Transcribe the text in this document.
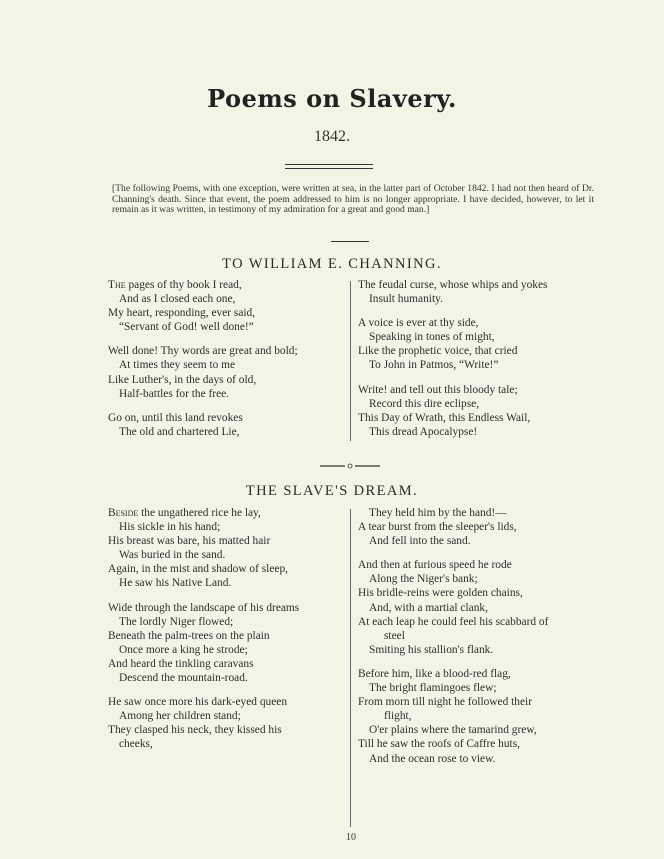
Poems on Slavery.
1842.
[The following Poems, with one exception, were written at sea, in the latter part of October 1842. I had not then heard of Dr. Channing's death. Since that event, the poem addressed to him is no longer appropriate. I have decided, however, to let it remain as it was written, in testimony of my admiration for a great and good man.]
TO WILLIAM E. CHANNING.
The pages of thy book I read,
And as I closed each one,
My heart, responding, ever said,
“Servant of God! well done!”
Well done! Thy words are great and bold;
At times they seem to me
Like Luther's, in the days of old,
Half-battles for the free.
Go on, until this land revokes
The old and chartered Lie,
The feudal curse, whose whips and yokes
Insult humanity.
A voice is ever at thy side,
Speaking in tones of might,
Like the prophetic voice, that cried
To John in Patmos, “Write!”
Write! and tell out this bloody tale;
Record this dire eclipse,
This Day of Wrath, this Endless Wail,
This dread Apocalypse!
THE SLAVE'S DREAM.
Beside the ungathered rice he lay,
His sickle in his hand;
His breast was bare, his matted hair
Was buried in the sand.
Again, in the mist and shadow of sleep,
He saw his Native Land.
Wide through the landscape of his dreams
The lordly Niger flowed;
Beneath the palm-trees on the plain
Once more a king he strode;
And heard the tinkling caravans
Descend the mountain-road.
He saw once more his dark-eyed queen
Among her children stand;
They clasped his neck, they kissed his
cheeks,
They held him by the hand!—
A tear burst from the sleeper's lids,
And fell into the sand.
And then at furious speed he rode
Along the Niger's bank;
His bridle-reins were golden chains,
And, with a martial clank,
At each leap he could feel his scabbard of
steel
Smiting his stallion's flank.
Before him, like a blood-red flag,
The bright flamingoes flew;
From morn till night he followed their
flight,
O'er plains where the tamarind grew,
Till he saw the roofs of Caffre huts,
And the ocean rose to view.
10
